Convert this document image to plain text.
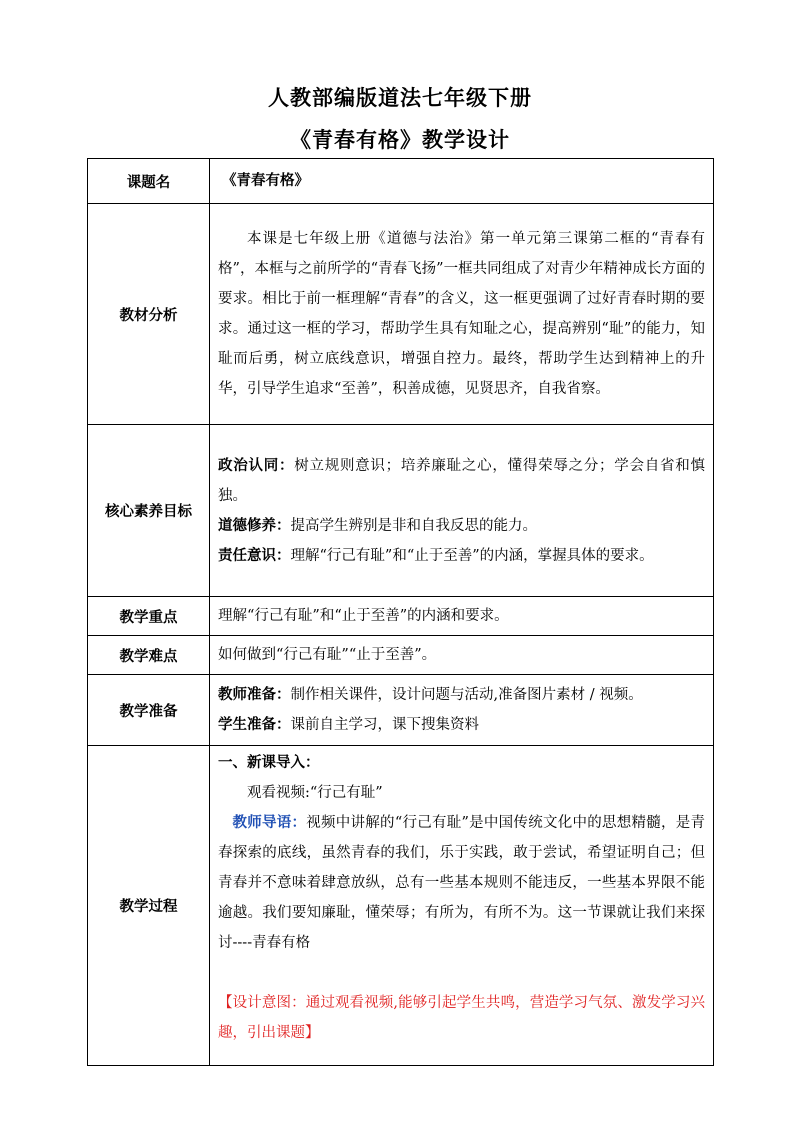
人教部编版道法七年级下册
《青春有格》教学设计
课题名	《青春有格》
教材分析	本课是七年级上册《道德与法治》第一单元第三课第二框的“青春有格”，本框与之前所学的“青春飞扬”一框共同组成了对青少年精神成长方面的要求。相比于前一框理解“青春”的含义，这一框更强调了过好青春时期的要求。通过这一框的学习，帮助学生具有知耻之心，提高辨别“耻”的能力，知耻而后勇，树立底线意识，增强自控力。最终，帮助学生达到精神上的升华，引导学生追求“至善”，积善成德，见贤思齐，自我省察。
核心素养目标	政治认同：树立规则意识；培养廉耻之心，懂得荣辱之分；学会自省和慎独。

道德修养：提高学生辨别是非和自我反思的能力。

责任意识：理解“行己有耻”和“止于至善”的内涵，掌握具体的要求。

教学重点	理解“行己有耻”和“止于至善”的内涵和要求。
教学难点	如何做到“行己有耻”“止于至善”。
教学准备	教师准备：制作相关课件，设计问题与活动,准备图片素材 / 视频。

学生准备：课前自主学习，课下搜集资料

教学过程	一、新课导入：

观看视频:“行己有耻”

教师导语：视频中讲解的“行己有耻”是中国传统文化中的思想精髓，是青春探索的底线，虽然青春的我们，乐于实践，敢于尝试，希望证明自己；但青春并不意味着肆意放纵，总有一些基本规则不能违反，一些基本界限不能逾越。我们要知廉耻，懂荣辱；有所为，有所不为。这一节课就让我们来探讨----青春有格

【设计意图：通过观看视频,能够引起学生共鸣，营造学习气氛、激发学习兴趣，引出课题】
